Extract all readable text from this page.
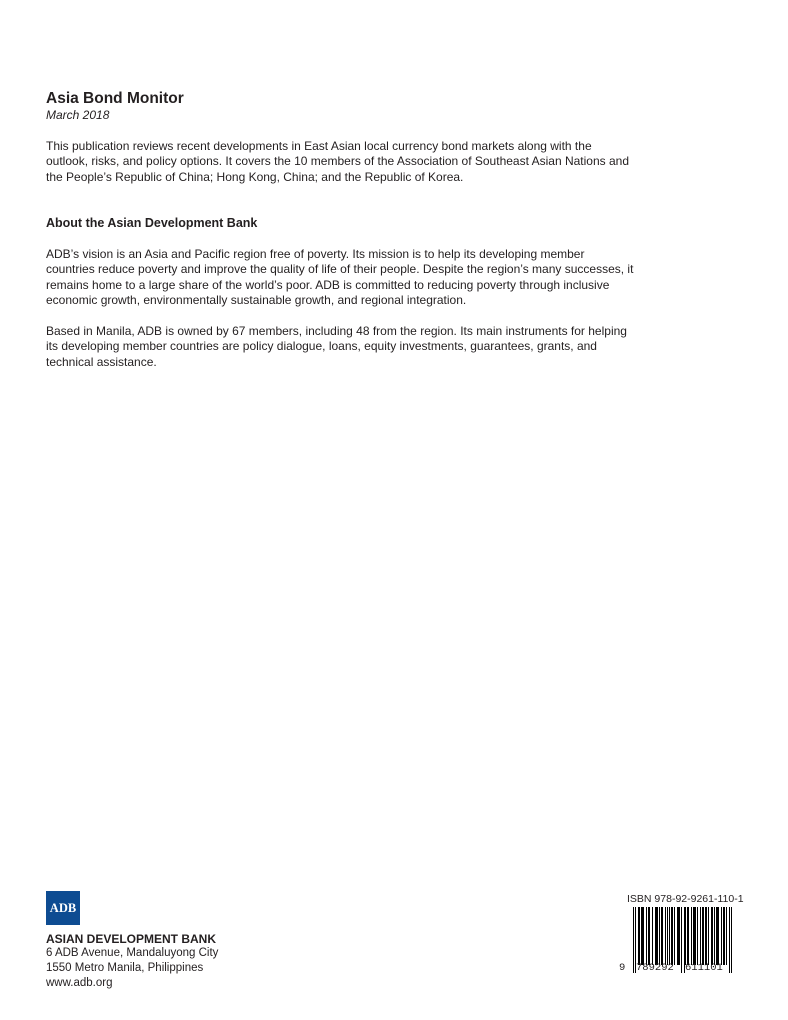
Asia Bond Monitor
March 2018
This publication reviews recent developments in East Asian local currency bond markets along with the outlook, risks, and policy options. It covers the 10 members of the Association of Southeast Asian Nations and the People’s Republic of China; Hong Kong, China; and the Republic of Korea.
About the Asian Development Bank
ADB’s vision is an Asia and Pacific region free of poverty. Its mission is to help its developing member countries reduce poverty and improve the quality of life of their people. Despite the region’s many successes, it remains home to a large share of the world’s poor. ADB is committed to reducing poverty through inclusive economic growth, environmentally sustainable growth, and regional integration.
Based in Manila, ADB is owned by 67 members, including 48 from the region. Its main instruments for helping its developing member countries are policy dialogue, loans, equity investments, guarantees, grants, and technical assistance.
ADB
ASIAN DEVELOPMENT BANK
6 ADB Avenue, Mandaluyong City
1550 Metro Manila, Philippines
www.adb.org
ISBN 978-92-9261-110-1
9 789292 611101
